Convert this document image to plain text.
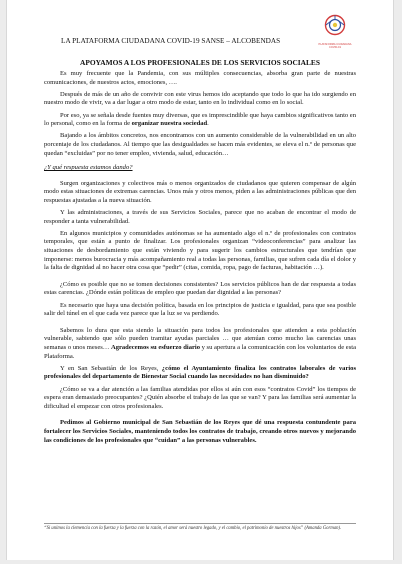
PLATAFORMA CIUDADANA COVID-19
LA PLATAFORMA CIUDADANA COVID-19 SANSE – ALCOBENDAS
APOYAMOS A LOS PROFESIONALES DE LOS SERVICIOS SOCIALES

Es muy frecuente que la Pandemia, con sus múltiples consecuencias, absorba gran parte de nuestras comunicaciones, de nuestros actos, emociones, ….

Después de más de un año de convivir con este virus hemos ido aceptando que todo lo que ha ido surgiendo en nuestro modo de vivir, va a dar lugar a otro modo de estar, tanto en lo individual como en lo social.

Por eso, ya se señala desde fuentes muy diversas, que es imprescindible que haya cambios significativos tanto en lo personal, como en la forma de organizar nuestra sociedad.

Bajando a los ámbitos concretos, nos encontramos con un aumento considerable de la vulnerabilidad en un alto porcentaje de los ciudadanos. Al tiempo que las desigualdades se hacen más evidentes, se eleva el n.º de personas que quedan “excluidas” por no tener empleo, vivienda, salud, educación…

¿Y qué respuesta estamos dando?

Surgen organizaciones y colectivos más o menos organizados de ciudadanos que quieren compensar de algún modo estas situaciones de extremas carencias. Unos más y otros menos, piden a las administraciones públicas que den respuestas ajustadas a la nueva situación.

Y las administraciones, a través de sus Servicios Sociales, parece que no acaban de encontrar el modo de responder a tanta vulnerabilidad.

En algunos municipios y comunidades autónomas se ha aumentado algo el n.º de profesionales con contratos temporales, que están a punto de finalizar. Los profesionales organizan “videoconferencias” para analizar las situaciones de desbordamiento que están viviendo y para sugerir los cambios estructurales que tendrían que imponerse: menos burocracia y más acompañamiento real a todas las personas, familias, que sufren cada día el dolor y la falta de dignidad al no hacer otra cosa que “pedir” (citas, comida, ropa, pago de facturas, habitación …).

¿Cómo es posible que no se tomen decisiones consistentes? Los servicios públicos han de dar respuesta a todas estas carencias. ¿Dónde están políticas de empleo que puedan dar dignidad a las personas?

Es necesario que haya una decisión política, basada en los principios de justicia e igualdad, para que sea posible salir del túnel en el que cada vez parece que la luz se va perdiendo.

Sabemos lo dura que esta siendo la situación para todos los profesionales que atienden a esta población vulnerable, sabiendo que sólo pueden tramitar ayudas parciales … que atenúan como mucho las carencias unas semanas o unos meses… Agradecemos su esfuerzo diario y su apertura a la comunicación con los voluntarios de esta Plataforma.

Y en San Sebastián de los Reyes, ¿cómo el Ayuntamiento finaliza los contratos laborales de varios profesionales del departamento de Bienestar Social cuando las necesidades no han disminuido?

¿Cómo se va a dar atención a las familias atendidas por ellos si aún con esos “contratos Covid” los tiempos de espera eran demasiado preocupantes? ¿Quién absorbe el trabajo de las que se van? Y para las familias será aumentar la dificultad el empezar con otros profesionales.

Pedimos al Gobierno municipal de San Sebastián de los Reyes que dé una respuesta contundente para fortalecer los Servicios Sociales, manteniendo todos los contratos de trabajo, creando otros nuevos y mejorando las condiciones de los profesionales que “cuidan” a las personas vulnerables.

“Si unimos la clemencia con la fuerza y la fuerza con la razón, el amor será nuestro legado, y el cambio, el patrimonio de nuestros hijos” (Amanda Gorman).
